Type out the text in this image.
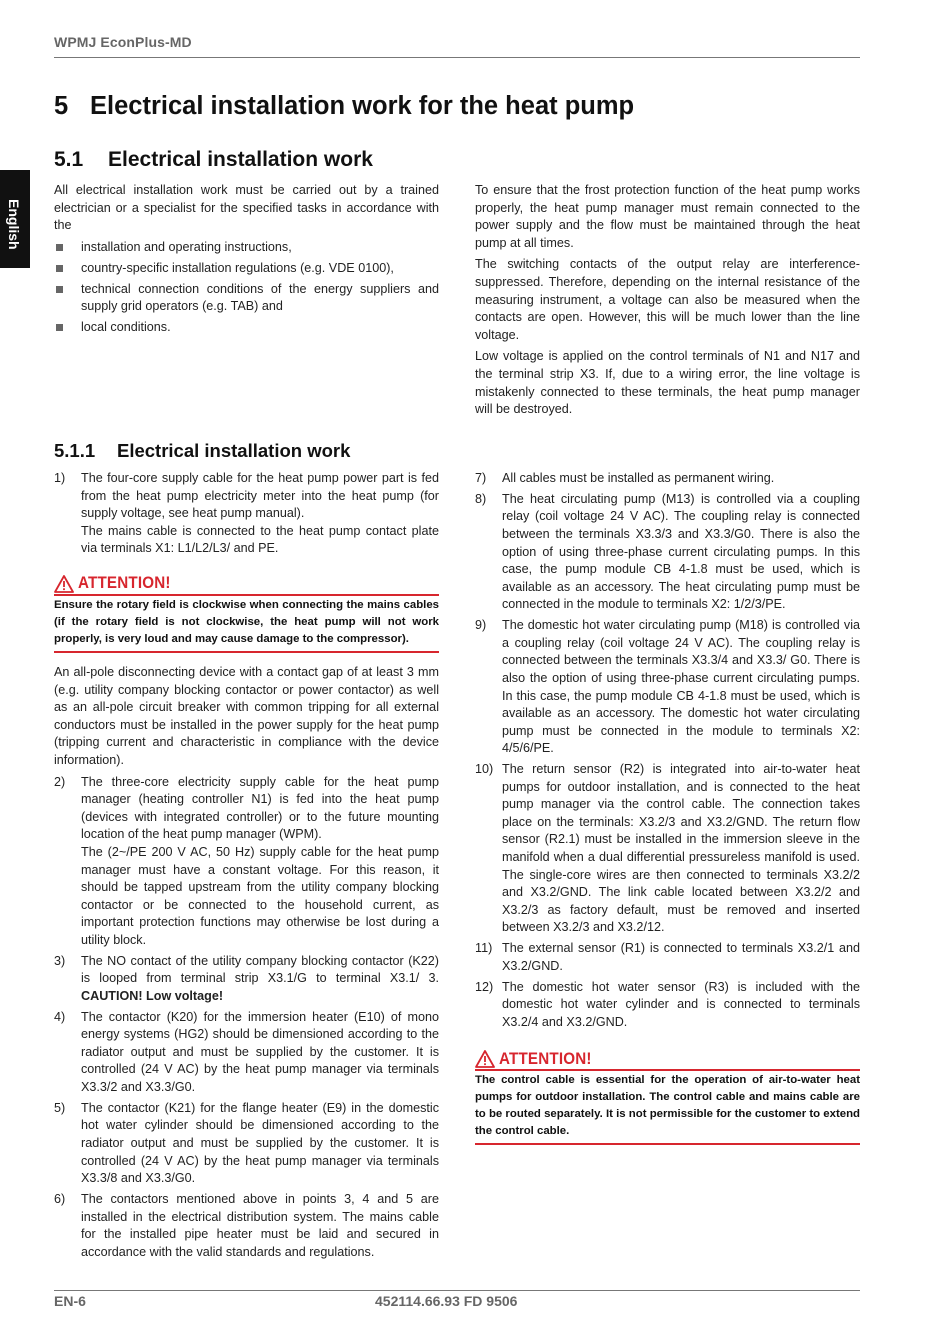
WPMJ EconPlus-MD
English
5 Electrical installation work for the heat pump
5.1 Electrical installation work

All electrical installation work must be carried out by a trained electrician or a specialist for the specified tasks in accordance with the

installation and operating instructions,
country-specific installation regulations (e.g. VDE 0100),
technical connection conditions of the energy suppliers and supply grid operators (e.g. TAB) and
local conditions.

To ensure that the frost protection function of the heat pump works properly, the heat pump manager must remain connected to the power supply and the flow must be maintained through the heat pump at all times.

The switching contacts of the output relay are interference-suppressed. Therefore, depending on the internal resistance of the measuring instrument, a voltage can also be measured when the contacts are open. However, this will be much lower than the line voltage.

Low voltage is applied on the control terminals of N1 and N17 and the terminal strip X3. If, due to a wiring error, the line voltage is mistakenly connected to these terminals, the heat pump manager will be destroyed.

5.1.1 Electrical installation work
1) The four-core supply cable for the heat pump power part is fed from the heat pump electricity meter into the heat pump (for supply voltage, see heat pump manual).
The mains cable is connected to the heat pump contact plate via terminals X1: L1/L2/L3/ and PE.
ATTENTION!
Ensure the rotary field is clockwise when connecting the mains cables (if the rotary field is not clockwise, the heat pump will not work properly, is very loud and may cause damage to the compressor).

An all-pole disconnecting device with a contact gap of at least 3 mm (e.g. utility company blocking contactor or power contactor) as well as an all-pole circuit breaker with common tripping for all external conductors must be installed in the power supply for the heat pump (tripping current and characteristic in compliance with the device information).

2) The three-core electricity supply cable for the heat pump manager (heating controller N1) is fed into the heat pump (devices with integrated controller) or to the future mounting location of the heat pump manager (WPM).
The (2~/PE 200 V AC, 50 Hz) supply cable for the heat pump manager must have a constant voltage. For this reason, it should be tapped upstream from the utility company blocking contactor or be connected to the household current, as important protection functions may otherwise be lost during a utility block.
3) The NO contact of the utility company blocking contactor (K22) is looped from terminal strip X3.1/G to terminal X3.1/ 3. CAUTION! Low voltage!
4) The contactor (K20) for the immersion heater (E10) of mono energy systems (HG2) should be dimensioned according to the radiator output and must be supplied by the customer. It is controlled (24 V AC) by the heat pump manager via terminals X3.3/2 and X3.3/G0.
5) The contactor (K21) for the flange heater (E9) in the domestic hot water cylinder should be dimensioned according to the radiator output and must be supplied by the customer. It is controlled (24 V AC) by the heat pump manager via terminals X3.3/8 and X3.3/G0.
6) The contactors mentioned above in points 3, 4 and 5 are installed in the electrical distribution system. The mains cable for the installed pipe heater must be laid and secured in accordance with the valid standards and regulations.
7) All cables must be installed as permanent wiring.
8) The heat circulating pump (M13) is controlled via a coupling relay (coil voltage 24 V AC). The coupling relay is connected between the terminals X3.3/3 and X3.3/G0. There is also the option of using three-phase current circulating pumps. In this case, the pump module CB 4-1.8 must be used, which is available as an accessory. The heat circulating pump must be connected in the module to terminals X2: 1/2/3/PE.
9) The domestic hot water circulating pump (M18) is controlled via a coupling relay (coil voltage 24 V AC). The coupling relay is connected between the terminals X3.3/4 and X3.3/ G0. There is also the option of using three-phase current circulating pumps. In this case, the pump module CB 4-1.8 must be used, which is available as an accessory. The domestic hot water circulating pump must be connected in the module to terminals X2: 4/5/6/PE.
10) The return sensor (R2) is integrated into air-to-water heat pumps for outdoor installation, and is connected to the heat pump manager via the control cable. The connection takes place on the terminals: X3.2/3 and X3.2/GND. The return flow sensor (R2.1) must be installed in the immersion sleeve in the manifold when a dual differential pressureless manifold is used. The single-core wires are then connected to terminals X3.2/2 and X3.2/GND. The link cable located between X3.2/2 and X3.2/3 as factory default, must be removed and inserted between X3.2/3 and X3.2/12.
11) The external sensor (R1) is connected to terminals X3.2/1 and X3.2/GND.
12) The domestic hot water sensor (R3) is included with the domestic hot water cylinder and is connected to terminals X3.2/4 and X3.2/GND.
ATTENTION!
The control cable is essential for the operation of air-to-water heat pumps for outdoor installation. The control cable and mains cable are to be routed separately. It is not permissible for the customer to extend the control cable.
EN-6	452114.66.93 FD 9506
